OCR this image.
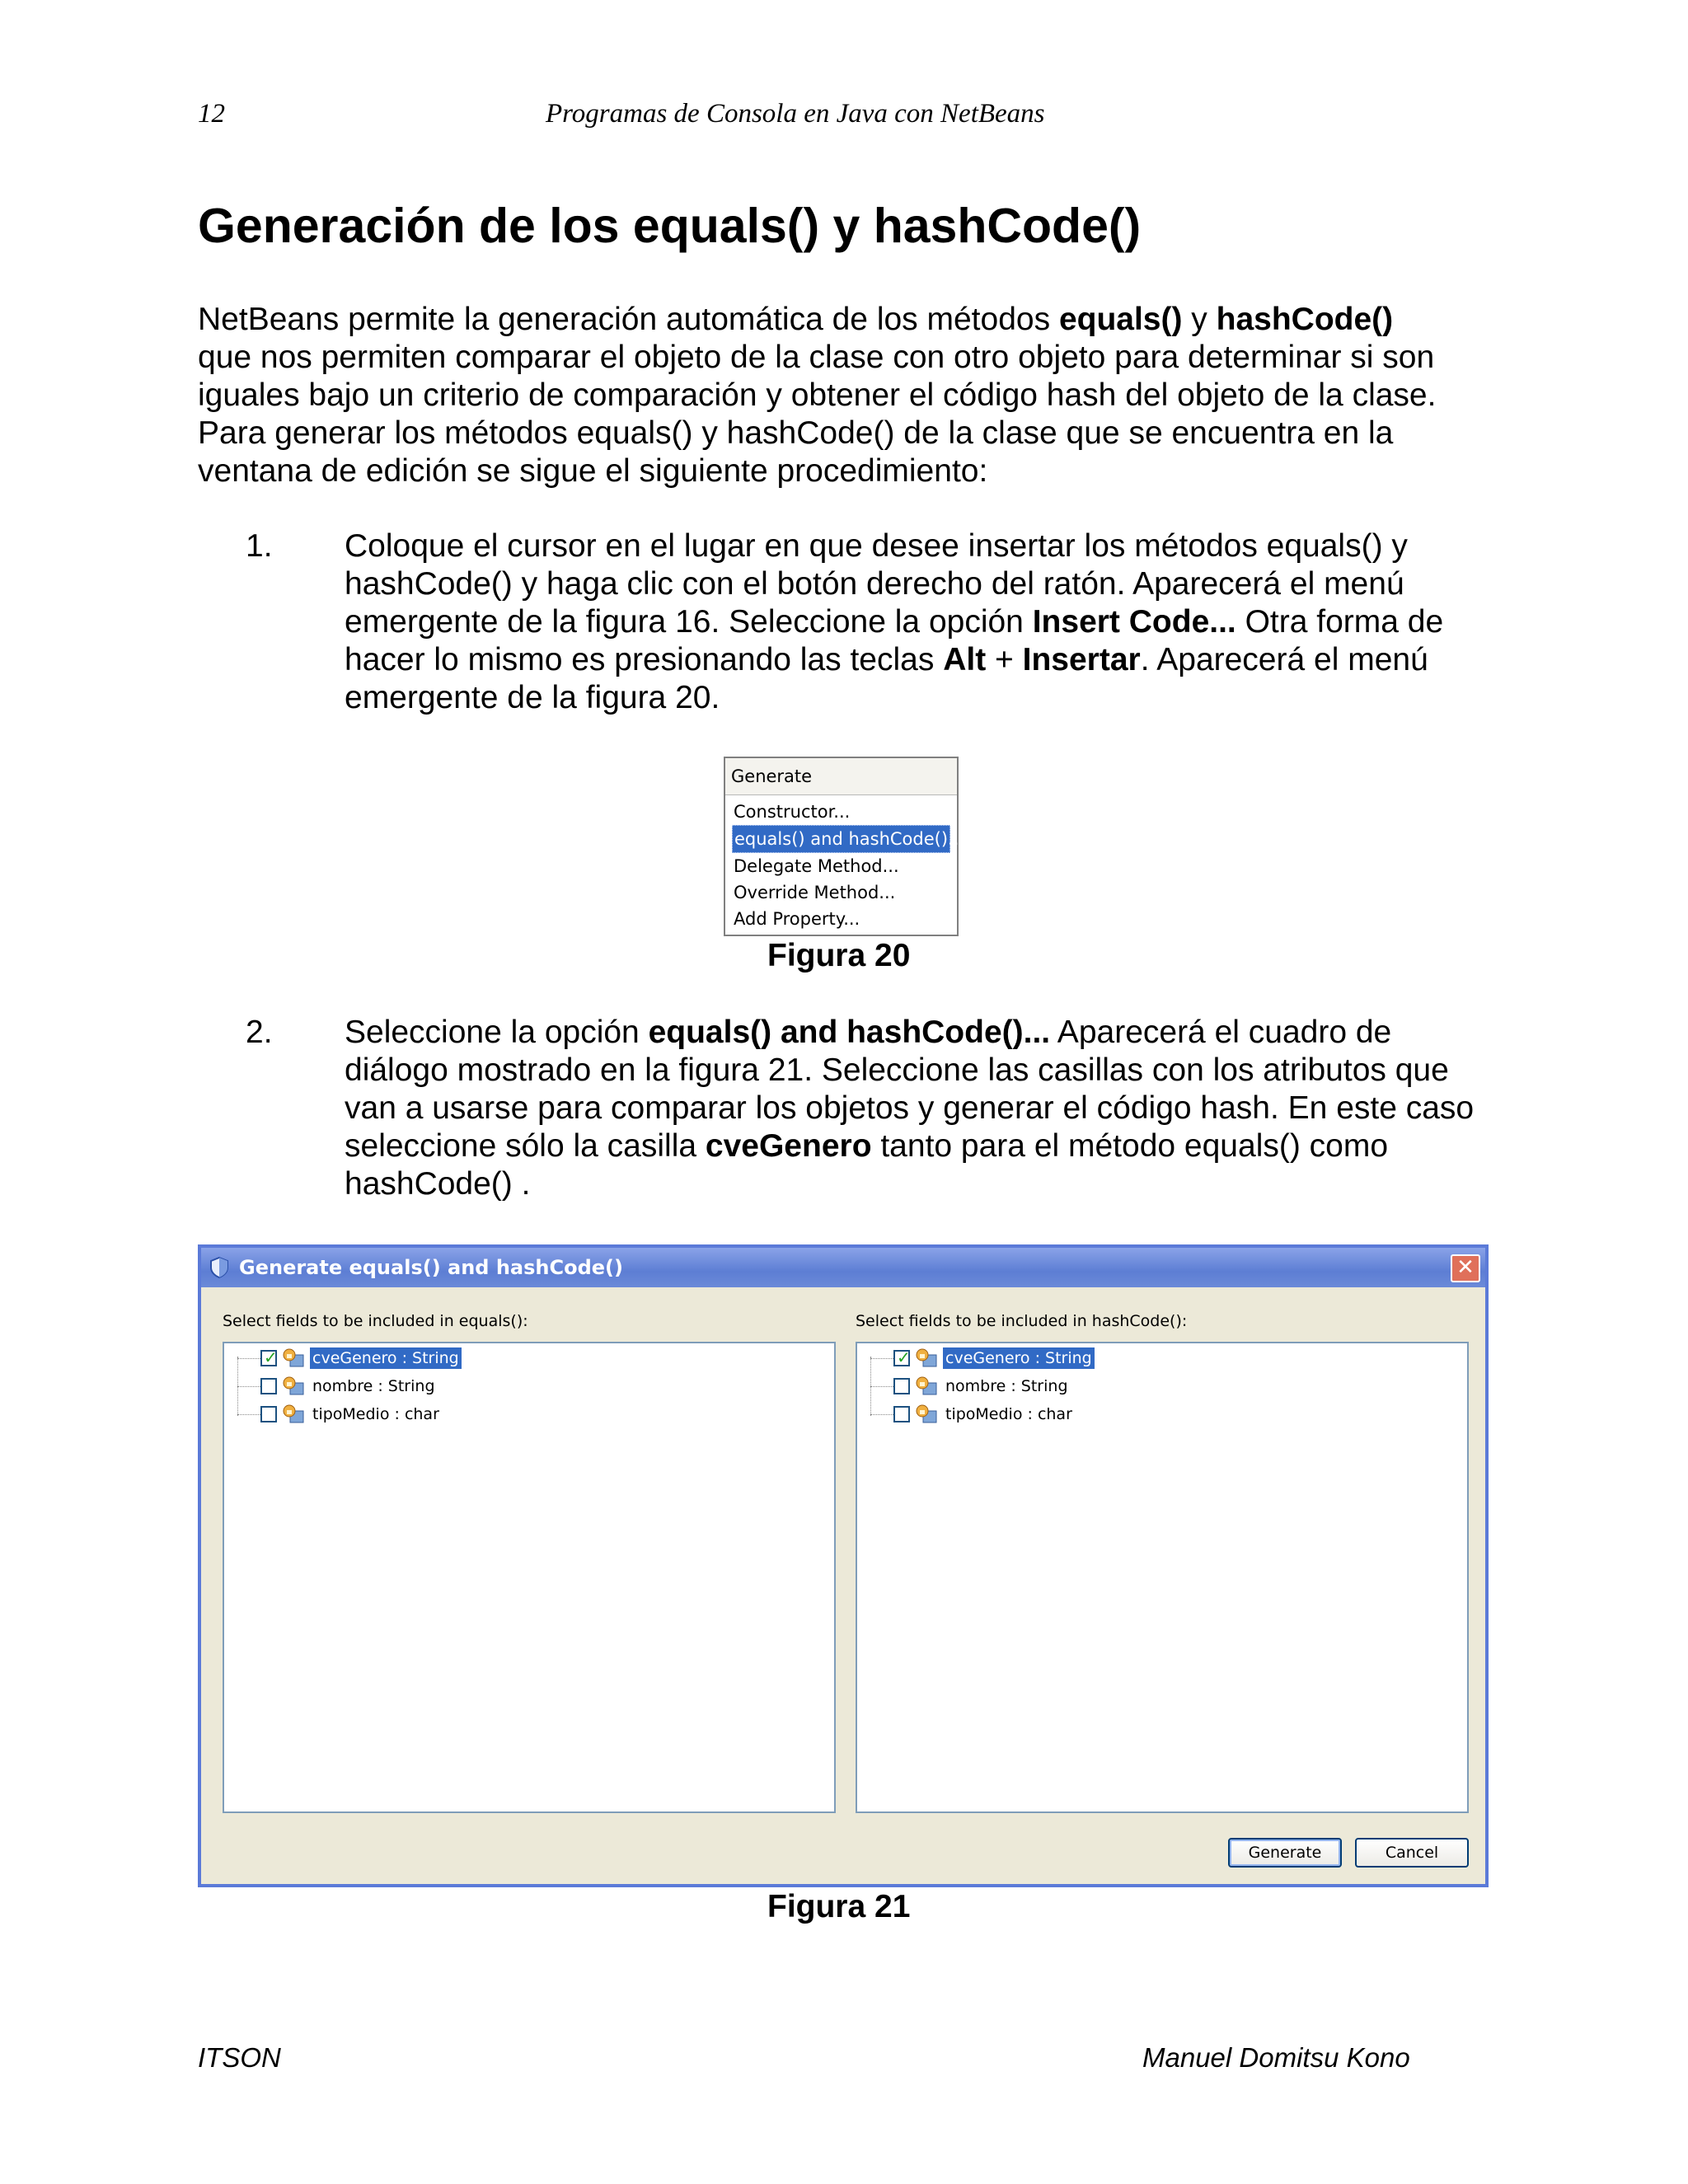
12	Programas de Consola en Java con NetBeans
Generación de los equals() y hashCode()

NetBeans permite la generación automática de los métodos equals() y hashCode()

que nos permiten comparar el objeto de la clase con otro objeto para determinar si son

iguales bajo un criterio de comparación y obtener el código hash del objeto de la clase.

Para generar los métodos equals() y hashCode() de la clase que se encuentra en la

ventana de edición se sigue el siguiente procedimiento:

1. Coloque el cursor en el lugar en que desee insertar los métodos equals() y

hashCode() y haga clic con el botón derecho del ratón. Aparecerá el menú

emergente de la figura 16. Seleccione la opción Insert Code... Otra forma de

hacer lo mismo es presionando las teclas Alt + Insertar. Aparecerá el menú

emergente de la figura 20.

Generate
Constructor...
equals() and hashCode()...
Delegate Method...
Override Method...
Add Property...
Figura 20
2. Seleccione la opción equals() and hashCode()... Aparecerá el cuadro de

diálogo mostrado en la figura 21. Seleccione las casillas con los atributos que

van a usarse para comparar los objetos y generar el código hash. En este caso

seleccione sólo la casilla cveGenero tanto para el método equals() como

hashCode() .

Generate equals() and hashCode()	✕
Select fields to be included in equals():	Select fields to be included in hashCode():
✓ cveGenero : String
nombre : String
tipoMedio : char
✓ cveGenero : String
nombre : String
tipoMedio : char
Generate	Cancel
Figura 21
ITSON	Manuel Domitsu Kono
